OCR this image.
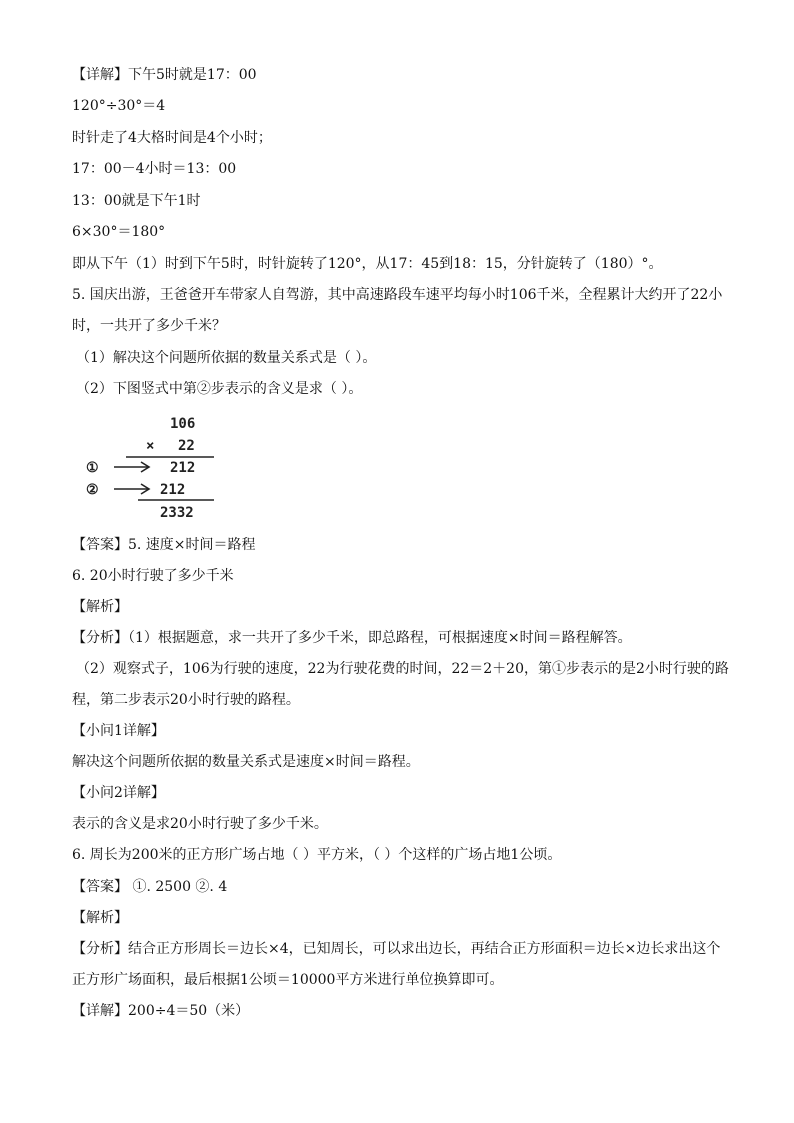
【详解】下午5时就是17：00
120°÷30°＝4
时针走了4大格时间是4个小时；
17：00－4小时＝13：00
13：00就是下午1时
6×30°＝180°
即从下午（1）时到下午5时，时针旋转了120°，从17：45到18：15，分针旋转了（180）°。
5. 国庆出游，王爸爸开车带家人自驾游，其中高速路段车速平均每小时106千米，全程累计大约开了22小
时，一共开了多少千米？
（1）解决这个问题所依据的数量关系式是（ ）。
（2）下图竖式中第②步表示的含义是求（ ）。
106
× 22
①	212
②	212
2332
【答案】5. 速度×时间＝路程
6. 20小时行驶了多少千米
【解析】
【分析】（1）根据题意，求一共开了多少千米，即总路程，可根据速度×时间＝路程解答。
（2）观察式子，106为行驶的速度，22为行驶花费的时间，22＝2＋20，第①步表示的是2小时行驶的路
程，第二步表示20小时行驶的路程。
【小问1详解】
解决这个问题所依据的数量关系式是速度×时间＝路程。
【小问2详解】
表示的含义是求20小时行驶了多少千米。
6. 周长为200米的正方形广场占地（ ）平方米，（ ）个这样的广场占地1公顷。
【答案】 ①. 2500 ②. 4
【解析】
【分析】结合正方形周长＝边长×4，已知周长，可以求出边长，再结合正方形面积＝边长×边长求出这个
正方形广场面积，最后根据1公顷＝10000平方米进行单位换算即可。
【详解】200÷4＝50（米）
